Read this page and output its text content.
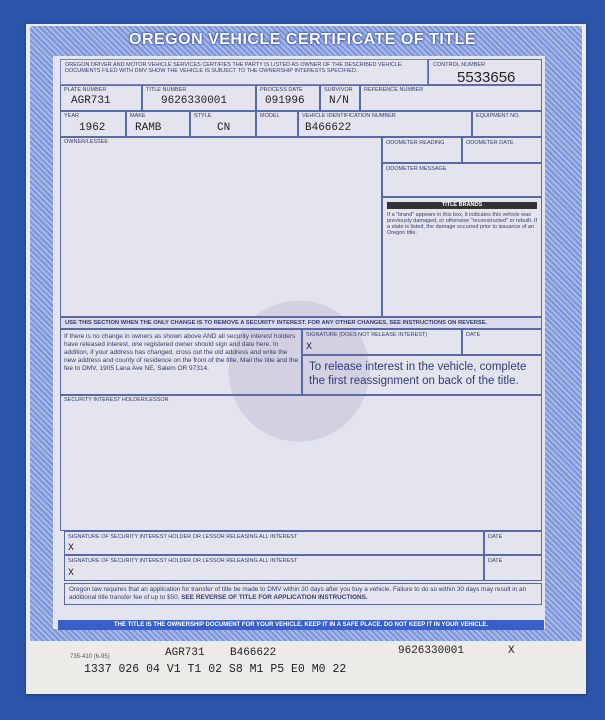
OREGON VEHICLE CERTIFICATE OF TITLE
OREGON DRIVER AND MOTOR VEHICLE SERVICES CERTIFIES THE PARTY IS LISTED AS OWNER OF THE DESCRIBED VEHICLE. DOCUMENTS FILED WITH DMV SHOW THE VEHICLE IS SUBJECT TO THE OWNERSHIP INTERESTS SPECIFIED.
CONTROL NUMBER
5533656
PLATE NUMBER
AGR731
TITLE NUMBER
9626330001
PROCESS DATE
091996
SURVIVOR
N/N
REFERENCE NUMBER
YEAR
1962
MAKE
RAMB
STYLE
CN
MODEL	VEHICLE IDENTIFICATION NUMBER
B466622
EQUIPMENT NO.
OWNER/LESSEE	ODOMETER READING	ODOMETER DATE
ODOMETER MESSAGE
TITLE BRANDS
If a "brand" appears in this box, it indicates this vehicle was previously damaged, or otherwise "reconstructed" or rebuilt. If a state is listed, the damage occurred prior to issuance of an Oregon title.
USE THIS SECTION WHEN THE ONLY CHANGE IS TO REMOVE A SECURITY INTEREST. FOR ANY OTHER CHANGES, SEE INSTRUCTIONS ON REVERSE.
If there is no change in owners as shown above AND all security interest holders have released interest, one registered owner should sign and date here. In addition, if your address has changed, cross out the old address and write the new address and county of residence on the front of the title. Mail the title and the fee to DMV, 1905 Lana Ave NE, Salem OR 97314.
SIGNATURE (DOES NOT RELEASE INTEREST)
X
DATE
To release interest in the vehicle, complete the first reassignment on back of the title.
SECURITY INTEREST HOLDER/LESSOR
SIGNATURE OF SECURITY INTEREST HOLDER OR LESSOR RELEASING ALL INTEREST
X
DATE
SIGNATURE OF SECURITY INTEREST HOLDER OR LESSOR RELEASING ALL INTEREST
X
DATE
Oregon law requires that an application for transfer of title be made to DMV within 30 days after you buy a vehicle. Failure to do so within 30 days may result in an additional title transfer fee of up to $50. SEE REVERSE OF TITLE FOR APPLICATION INSTRUCTIONS.
THE TITLE IS THE OWNERSHIP DOCUMENT FOR YOUR VEHICLE. KEEP IT IN A SAFE PLACE. DO NOT KEEP IT IN YOUR VEHICLE.
735-410 (6-95)	AGR731 B466622	9626330001	X
1337 026 04 V1 T1 02 S8 M1 P5 E0 M0 22
